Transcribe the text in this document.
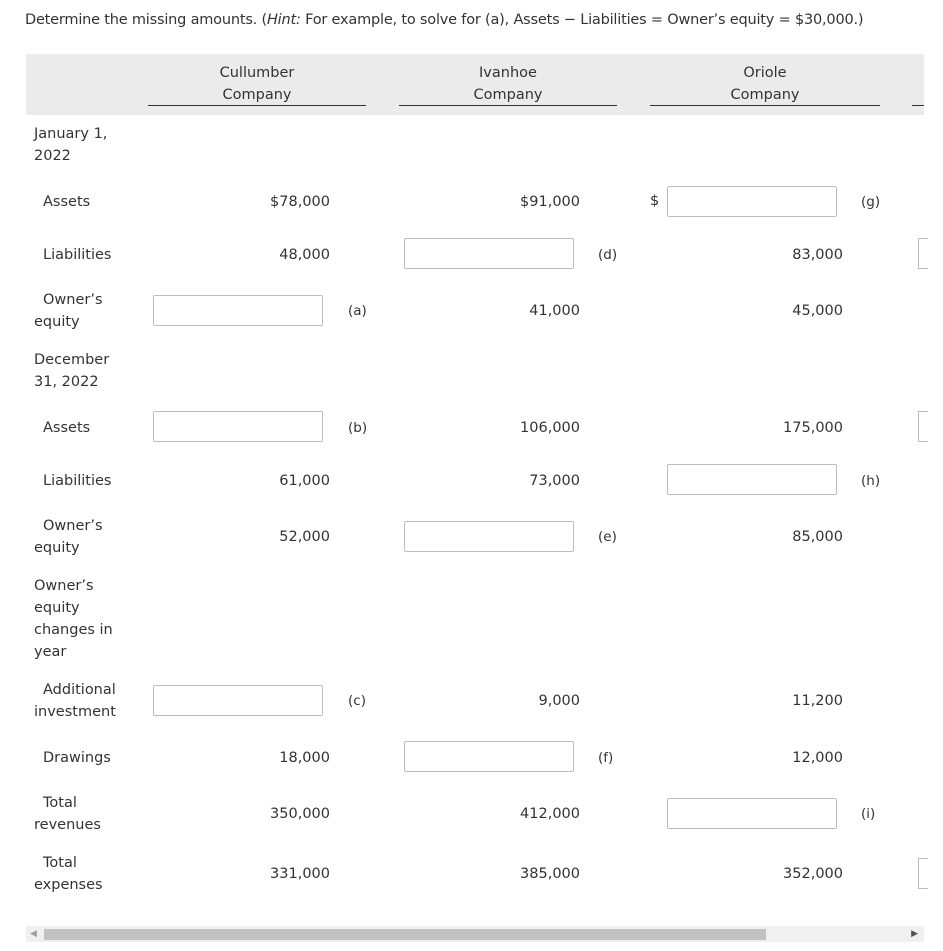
Determine the missing amounts. (Hint: For example, to solve for (a), Assets − Liabilities = Owner’s equity = $30,000.)
Cullumber
Company
Ivanhoe
Company
Oriole
Company
January 1,
2022
Assets	$78,000	$91,000	$	(g)
Liabilities	48,000	(d)	83,000
Owner’s
equity
(a)	41,000	45,000
December
31, 2022
Assets	(b)	106,000	175,000
Liabilities	61,000	73,000	(h)
Owner’s
equity
52,000	(e)	85,000
Owner’s
equity
changes in
year
Additional
investment
(c)	9,000	11,200
Drawings	18,000	(f)	12,000
Total
revenues
350,000	412,000	(i)
Total
expenses
331,000	385,000	352,000
◀	▶
